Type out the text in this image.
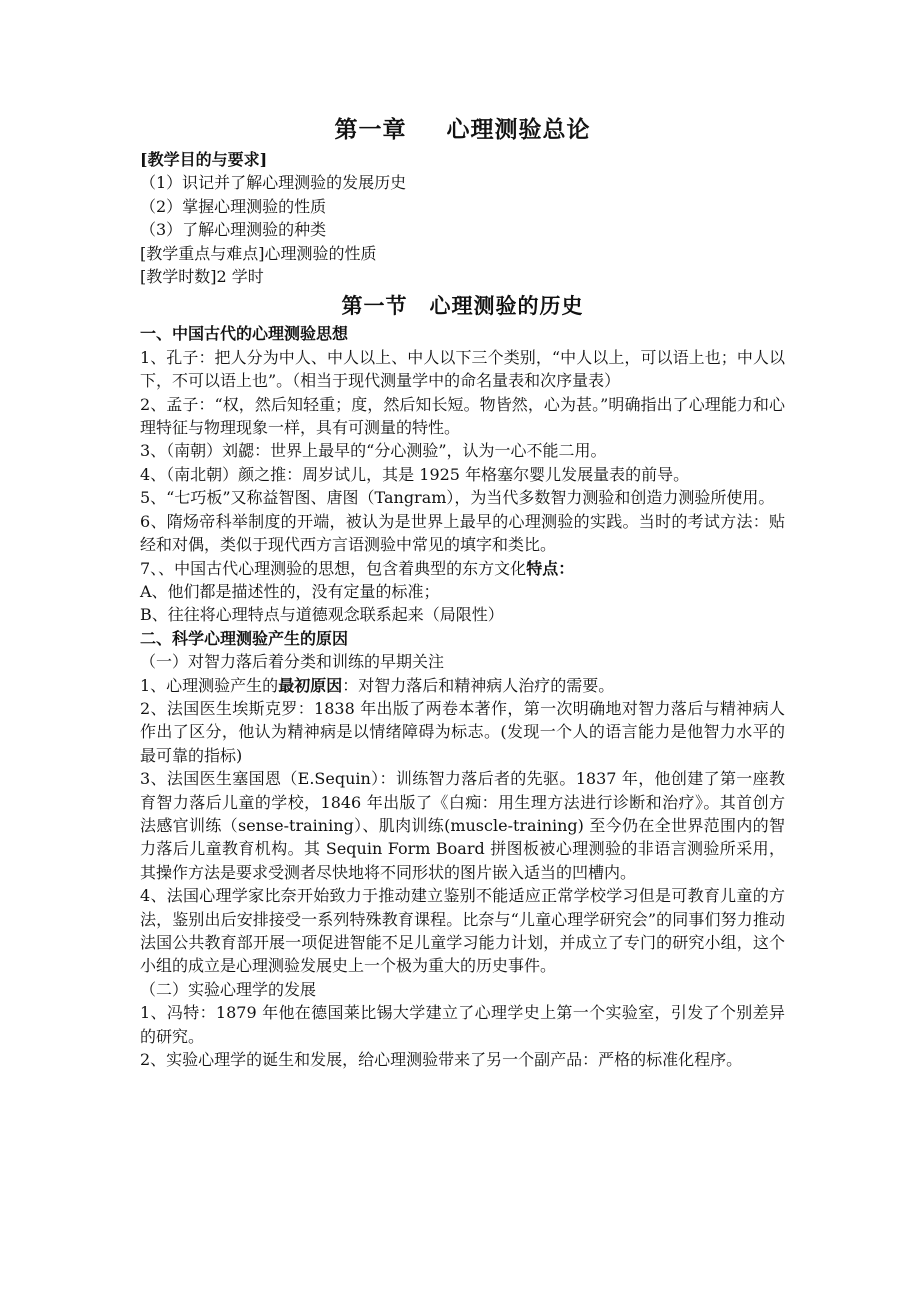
第一章 心理测验总论
[教学目的与要求]
（1）识记并了解心理测验的发展历史
（2）掌握心理测验的性质
（3）了解心理测验的种类
[教学重点与难点]心理测验的性质
[教学时数]2 学时
第一节 心理测验的历史
一、中国古代的心理测验思想
1、孔子：把人分为中人、中人以上、中人以下三个类别，“中人以上，可以语上也；中人以下，不可以语上也”。（相当于现代测量学中的命名量表和次序量表）
2、孟子：“权，然后知轻重；度，然后知长短。物皆然，心为甚。”明确指出了心理能力和心理特征与物理现象一样，具有可测量的特性。
3、（南朝）刘勰：世界上最早的“分心测验”，认为一心不能二用。
4、（南北朝）颜之推：周岁试儿，其是 1925 年格塞尔婴儿发展量表的前导。
5、“七巧板”又称益智图、唐图（Tangram），为当代多数智力测验和创造力测验所使用。
6、隋炀帝科举制度的开端，被认为是世界上最早的心理测验的实践。当时的考试方法：贴经和对偶，类似于现代西方言语测验中常见的填字和类比。
7、、中国古代心理测验的思想，包含着典型的东方文化特点：
A、他们都是描述性的，没有定量的标准；
B、往往将心理特点与道德观念联系起来（局限性）
二、科学心理测验产生的原因
（一）对智力落后着分类和训练的早期关注
1、心理测验产生的最初原因：对智力落后和精神病人治疗的需要。
2、法国医生埃斯克罗：1838 年出版了两卷本著作，第一次明确地对智力落后与精神病人作出了区分，他认为精神病是以情绪障碍为标志。(发现一个人的语言能力是他智力水平的最可靠的指标)
3、法国医生塞国恩（E.Sequin）：训练智力落后者的先驱。1837 年，他创建了第一座教育智力落后儿童的学校，1846 年出版了《白痴：用生理方法进行诊断和治疗》。其首创方法感官训练（sense-training）、肌肉训练(muscle-training) 至今仍在全世界范围内的智力落后儿童教育机构。其 Sequin Form Board 拼图板被心理测验的非语言测验所采用，其操作方法是要求受测者尽快地将不同形状的图片嵌入适当的凹槽内。
4、法国心理学家比奈开始致力于推动建立鉴别不能适应正常学校学习但是可教育儿童的方法，鉴别出后安排接受一系列特殊教育课程。比奈与“儿童心理学研究会”的同事们努力推动法国公共教育部开展一项促进智能不足儿童学习能力计划，并成立了专门的研究小组，这个小组的成立是心理测验发展史上一个极为重大的历史事件。
（二）实验心理学的发展
1、冯特：1879 年他在德国莱比锡大学建立了心理学史上第一个实验室，引发了个别差异的研究。
2、实验心理学的诞生和发展，给心理测验带来了另一个副产品：严格的标准化程序。
